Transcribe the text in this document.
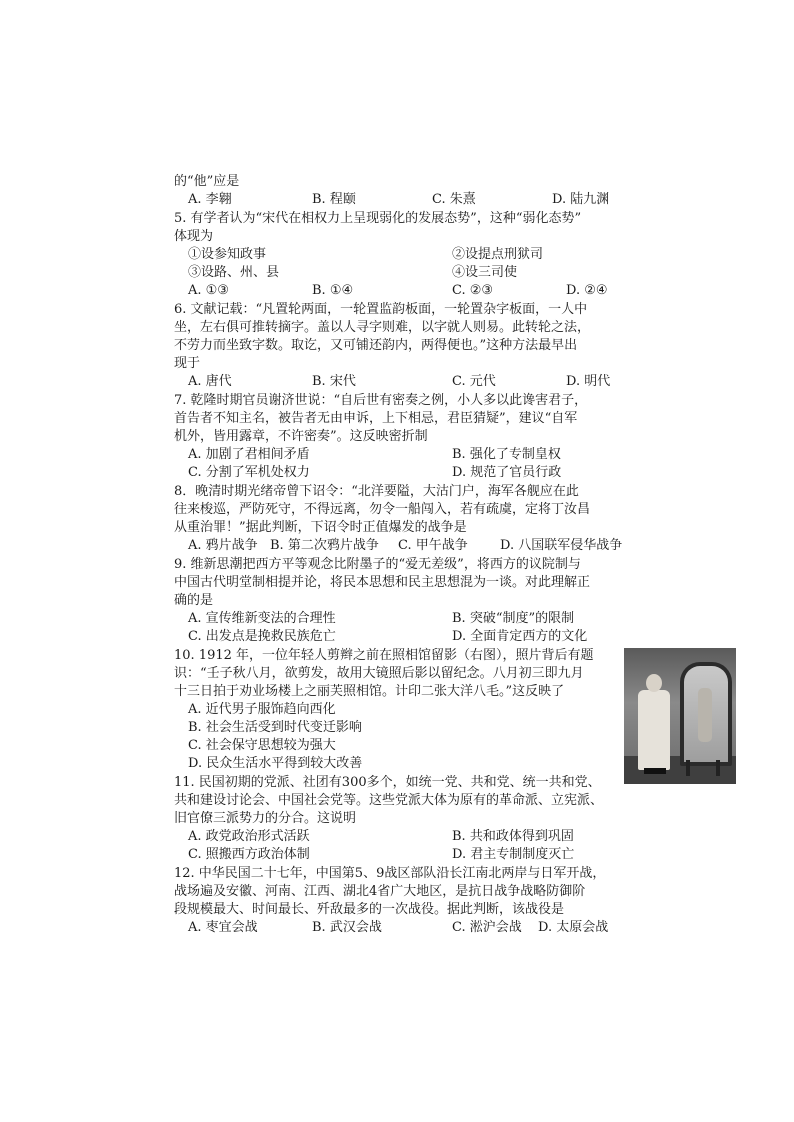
的“他”应是
A. 李翱	B. 程颐	C. 朱熹	D. 陆九渊
5. 有学者认为“宋代在相权力上呈现弱化的发展态势”，这种“弱化态势”
体现为
①设参知政事	②设提点刑狱司
③设路、州、县	④设三司使
A. ①③	B. ①④	C. ②③	D. ②④
6. 文献记载：“凡置轮两面，一轮置监韵板面，一轮置杂字板面，一人中
坐，左右俱可推转摘字。盖以人寻字则难，以字就人则易。此转轮之法，
不劳力而坐致字数。取讫，又可铺还韵内，两得便也。”这种方法最早出
现于
A. 唐代	B. 宋代	C. 元代	D. 明代
7. 乾隆时期官员谢济世说：“自后世有密奏之例，小人多以此谗害君子，
首告者不知主名，被告者无由申诉，上下相忌，君臣猜疑”，建议“自军
机外，皆用露章，不许密奏”。这反映密折制
A. 加剧了君相间矛盾	B. 强化了专制皇权
C. 分割了军机处权力	D. 规范了官员行政
8．晚清时期光绪帝曾下诏令：“北洋要隘，大沽门户，海军各舰应在此
往来梭巡，严防死守，不得远离，勿令一船闯入，若有疏虞，定将丁汝昌
从重治罪！”据此判断，下诏令时正值爆发的战争是
A. 鸦片战争 B. 第二次鸦片战争 C. 甲午战争 D. 八国联军侵华战争
9. 维新思潮把西方平等观念比附墨子的“爱无差级”，将西方的议院制与
中国古代明堂制相提并论，将民本思想和民主思想混为一谈。对此理解正
确的是
A. 宣传维新变法的合理性	B. 突破“制度”的限制
C. 出发点是挽救民族危亡	D. 全面肯定西方的文化
10. 1912 年，一位年轻人剪辫之前在照相馆留影（右图），照片背后有题
识：“壬子秋八月，欲剪发，故用大镜照后影以留纪念。八月初三即九月
十三日拍于劝业场楼上之丽芙照相馆。计印二张大洋八毛。”这反映了
A. 近代男子服饰趋向西化
B. 社会生活受到时代变迁影响
C. 社会保守思想较为强大
D. 民众生活水平得到较大改善
11. 民国初期的党派、社团有300多个，如统一党、共和党、统一共和党、
共和建设讨论会、中国社会党等。这些党派大体为原有的革命派、立宪派、
旧官僚三派势力的分合。这说明
A. 政党政治形式活跃	B. 共和政体得到巩固
C. 照搬西方政治体制	D. 君主专制制度灭亡
12. 中华民国二十七年，中国第5、9战区部队沿长江南北两岸与日军开战，
战场遍及安徽、河南、江西、湖北4省广大地区，是抗日战争战略防御阶
段规模最大、时间最长、歼敌最多的一次战役。据此判断，该战役是
A. 枣宜会战	B. 武汉会战	C. 淞沪会战 D. 太原会战
